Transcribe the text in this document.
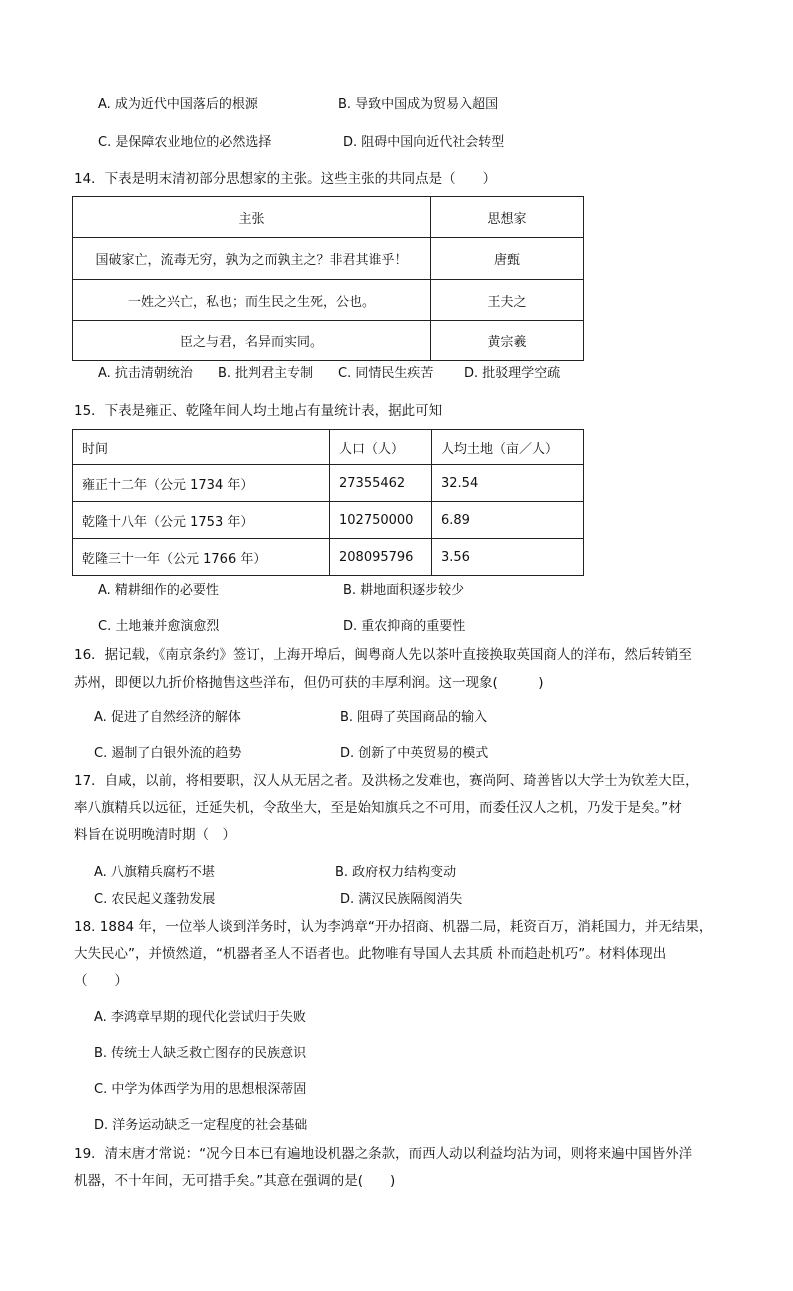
A. 成为近代中国落后的根源	B. 导致中国成为贸易入超国
C. 是保障农业地位的必然选择	D. 阻碍中国向近代社会转型
14．下表是明末清初部分思想家的主张。这些主张的共同点是（　　）
主张	思想家
国破家亡，流毒无穷，孰为之而孰主之？非君其谁乎！	唐甄
一姓之兴亡，私也；而生民之生死，公也。	王夫之
臣之与君，名异而实同。	黄宗羲
A. 抗击清朝统治 B. 批判君主专制 C. 同情民生疾苦 D. 批驳理学空疏
15．下表是雍正、乾隆年间人均土地占有量统计表，据此可知
时间	人口（人）	人均土地（亩／人）
雍正十二年（公元 1734 年）	27355462	32.54
乾隆十八年（公元 1753 年）	102750000	6.89
乾隆三十一年（公元 1766 年）	208095796	3.56
A. 精耕细作的必要性	B. 耕地面积逐步较少
C. 土地兼并愈演愈烈	D. 重农抑商的重要性
16．据记载，《南京条约》签订，上海开埠后，闽粤商人先以茶叶直接换取英国商人的洋布，然后转销至
苏州，即便以九折价格抛售这些洋布，但仍可获的丰厚利润。这一现象(　　　)
A. 促进了自然经济的解体	B. 阻碍了英国商品的输入
C. 遏制了白银外流的趋势	D. 创新了中英贸易的模式
17．自咸，以前，将相要职，汉人从无居之者。及洪杨之发难也，赛尚阿、琦善皆以大学士为钦差大臣，
率八旗精兵以远征，迁延失机，令敌坐大，至是始知旗兵之不可用，而委任汉人之机，乃发于是矣。”材
料旨在说明晚清时期（　）
A. 八旗精兵腐朽不堪	B. 政府权力结构变动
C. 农民起义蓬勃发展	D. 满汉民族隔阂消失
18. 1884 年，一位举人谈到洋务时，认为李鸿章“开办招商、机器二局，耗资百万，消耗国力，并无结果，
大失民心”，并愤然道，“机器者圣人不语者也。此物唯有导国人去其质 朴而趋赴机巧”。材料体现出
（　　）
A. 李鸿章早期的现代化尝试归于失败
B. 传统士人缺乏救亡图存的民族意识
C. 中学为体西学为用的思想根深蒂固
D. 洋务运动缺乏一定程度的社会基础
19．清末唐才常说：“况今日本已有遍地设机器之条款，而西人动以利益均沾为词，则将来遍中国皆外洋
机器，不十年间，无可措手矣。”其意在强调的是(　　)
